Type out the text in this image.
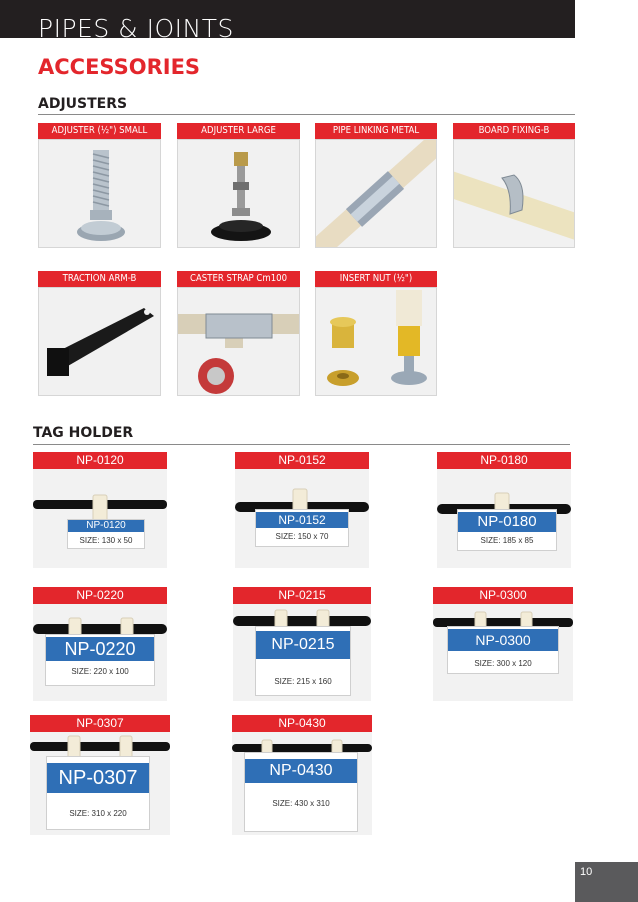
PIPES & JOINTS
ACCESSORIES
ADJUSTERS
ADJUSTER (½") SMALL	ADJUSTER LARGE	PIPE LINKING METAL	BOARD FIXING-B
TRACTION ARM-B	CASTER STRAP Cm100	INSERT NUT (½")
TAG HOLDER
NP-0120
NP-0120
SIZE: 130 x 50
NP-0152
NP-0152
SIZE: 150 x 70
NP-0180
NP-0180
SIZE: 185 x 85
NP-0220
NP-0220
SIZE: 220 x 100
NP-0215
NP-0215
SIZE: 215 x 160
NP-0300
NP-0300
SIZE: 300 x 120
NP-0307
NP-0307
SIZE: 310 x 220
NP-0430
NP-0430
SIZE: 430 x 310
10
